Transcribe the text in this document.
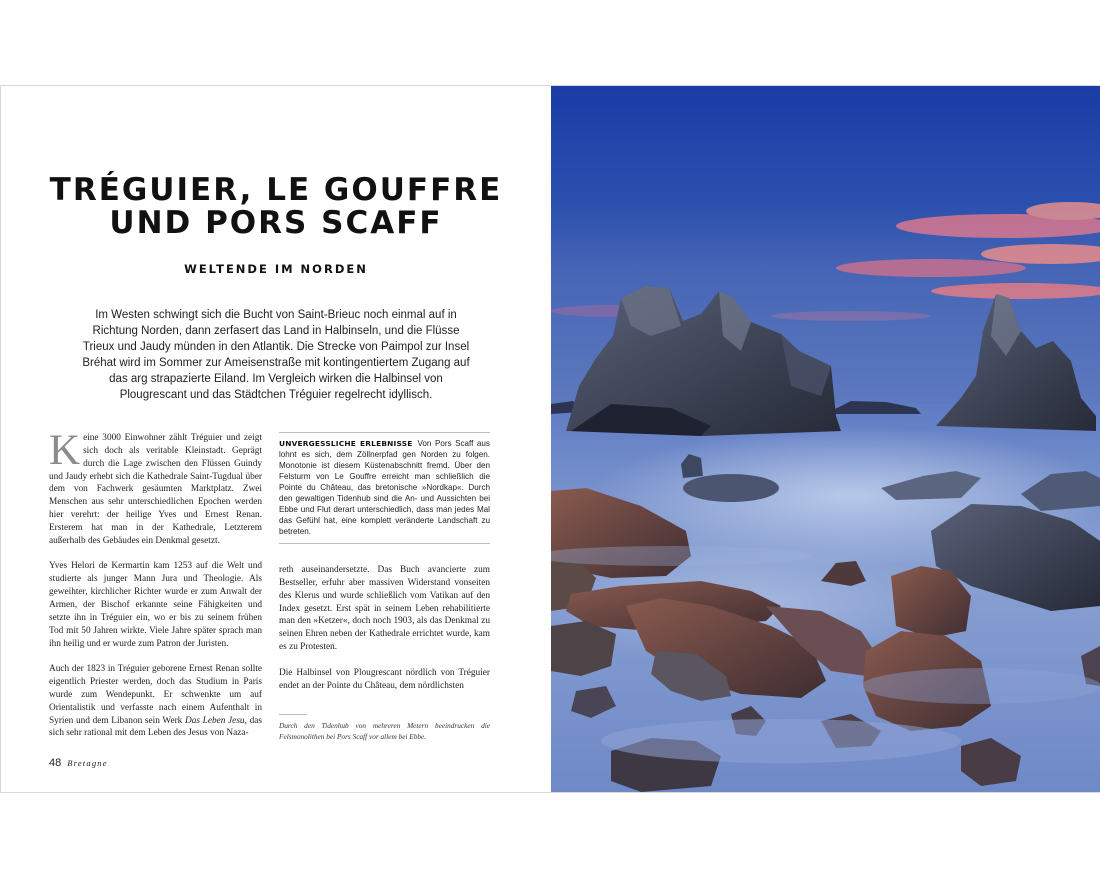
TRÉGUIER, LE GOUFFRE
UND PORS SCAFF
WELTENDE IM NORDEN

Im Westen schwingt sich die Bucht von Saint-Brieuc noch einmal auf in Richtung Norden, dann zerfasert das Land in Halbinseln, und die Flüsse Trieux und Jaudy münden in den Atlantik. Die Strecke von Paimpol zur Insel Bréhat wird im Sommer zur Ameisenstraße mit kontingentiertem Zugang auf das arg strapazierte Eiland. Im Vergleich wirken die Halbinsel von Plougrescant und das Städtchen Tréguier regelrecht idyllisch.

Keine 3000 Einwohner zählt Tréguier und zeigt sich doch als veritable Kleinstadt. Geprägt durch die Lage zwischen den Flüssen Guindy und Jaudy erhebt sich die Kathedrale Saint-Tugdual über dem von Fachwerk gesäumten Marktplatz. Zwei Menschen aus sehr unterschiedlichen Epochen werden hier verehrt: der heilige Yves und Ernest Renan. Ersterem hat man in der Kathedrale, Letzterem außerhalb des Gebäudes ein Denkmal gesetzt.

Yves Helori de Kermartin kam 1253 auf die Welt und studierte als junger Mann Jura und Theologie. Als geweihter, kirchlicher Richter wurde er zum Anwalt der Armen, der Bischof erkannte seine Fähigkeiten und setzte ihn in Tréguier ein, wo er bis zu seinem frühen Tod mit 50 Jahren wirkte. Viele Jahre später sprach man ihn heilig und er wurde zum Patron der Juristen.

Auch der 1823 in Tréguier geborene Ernest Renan sollte eigentlich Priester werden, doch das Studium in Paris wurde zum Wendepunkt. Er schwenkte um auf Orientalistik und verfasste nach einem Aufenthalt in Syrien und dem Libanon sein Werk Das Leben Jesu, das sich sehr rational mit dem Leben des Jesus von Naza-

UNVERGESSLICHE ERLEBNISSE Von Pors Scaff aus lohnt es sich, dem Zöllnerpfad gen Norden zu folgen. Monotonie ist diesem Küstenabschnitt fremd. Über den Felsturm von Le Gouffre erreicht man schließlich die Pointe du Château, das bretonische »Nordkap«. Durch den gewaltigen Tidenhub sind die An- und Aussichten bei Ebbe und Flut derart unterschiedlich, dass man jedes Mal das Gefühl hat, eine komplett veränderte Landschaft zu betreten.

reth auseinandersetzte. Das Buch avancierte zum Bestseller, erfuhr aber massiven Widerstand vonseiten des Klerus und wurde schließlich vom Vatikan auf den Index gesetzt. Erst spät in seinem Leben rehabilitierte man den »Ketzer«, doch noch 1903, als das Denkmal zu seinen Ehren neben der Kathedrale errichtet wurde, kam es zu Protesten.

Die Halbinsel von Plougrescant nördlich von Tréguier endet an der Pointe du Château, dem nördlichsten

Durch den Tidenhub von mehreren Metern beeindrucken die Felsmonolithen bei Pors Scaff vor allem bei Ebbe.
48 Bretagne
